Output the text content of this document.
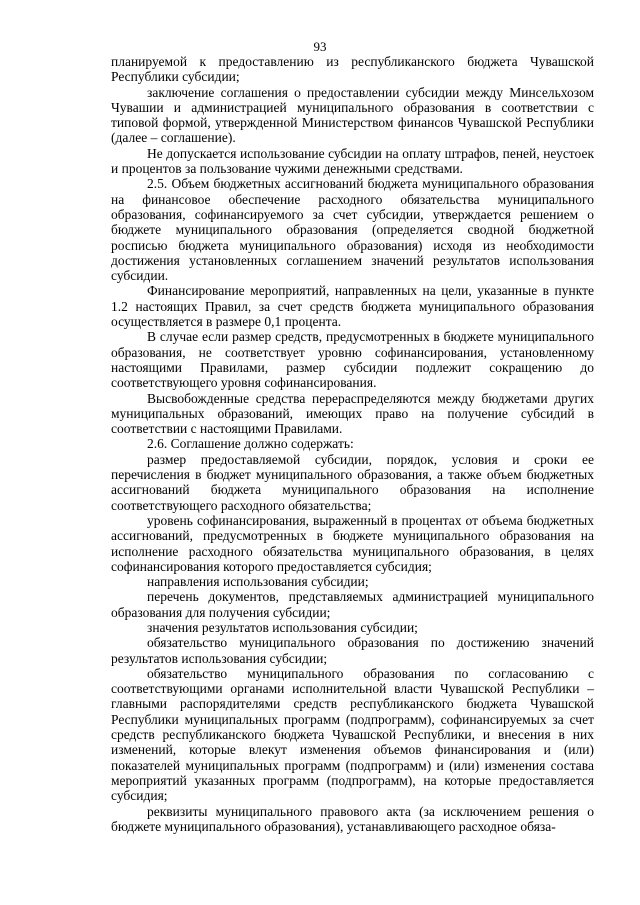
93

планируемой к предоставлению из республиканского бюджета Чувашской Республики субсидии;

заключение соглашения о предоставлении субсидии между Минсельхозом Чувашии и администрацией муниципального образования в соответствии с типовой формой, утвержденной Министерством финансов Чувашской Республики (далее – соглашение).

Не допускается использование субсидии на оплату штрафов, пеней, неустоек и процентов за пользование чужими денежными средствами.

2.5. Объем бюджетных ассигнований бюджета муниципального образования на финансовое обеспечение расходного обязательства муниципального образования, софинансируемого за счет субсидии, утверждается решением о бюджете муниципального образования (определяется сводной бюджетной росписью бюджета муниципального образования) исходя из необходимости достижения установленных соглашением значений результатов использования субсидии.

Финансирование мероприятий, направленных на цели, указанные в пункте 1.2 настоящих Правил, за счет средств бюджета муниципального образования осуществляется в размере 0,1 процента.

В случае если размер средств, предусмотренных в бюджете муниципального образования, не соответствует уровню софинансирования, установленному настоящими Правилами, размер субсидии подлежит сокращению до соответствующего уровня софинансирования.

Высвобожденные средства перераспределяются между бюджетами других муниципальных образований, имеющих право на получение субсидий в соответствии с настоящими Правилами.

2.6. Соглашение должно содержать:

размер предоставляемой субсидии, порядок, условия и сроки ее перечисления в бюджет муниципального образования, а также объем бюджетных ассигнований бюджета муниципального образования на исполнение соответствующего расходного обязательства;

уровень софинансирования, выраженный в процентах от объема бюджетных ассигнований, предусмотренных в бюджете муниципального образования на исполнение расходного обязательства муниципального образования, в целях софинансирования которого предоставляется субсидия;

направления использования субсидии;

перечень документов, представляемых администрацией муниципального образования для получения субсидии;

значения результатов использования субсидии;

обязательство муниципального образования по достижению значений результатов использования субсидии;

обязательство муниципального образования по согласованию с соответствующими органами исполнительной власти Чувашской Республики – главными распорядителями средств республиканского бюджета Чувашской Республики муниципальных программ (подпрограмм), софинансируемых за счет средств республиканского бюджета Чувашской Республики, и внесения в них изменений, которые влекут изменения объемов финансирования и (или) показателей муниципальных программ (подпрограмм) и (или) изменения состава мероприятий указанных программ (подпрограмм), на которые предоставляется субсидия;

реквизиты муниципального правового акта (за исключением решения о бюджете муниципального образования), устанавливающего расходное обяза-
